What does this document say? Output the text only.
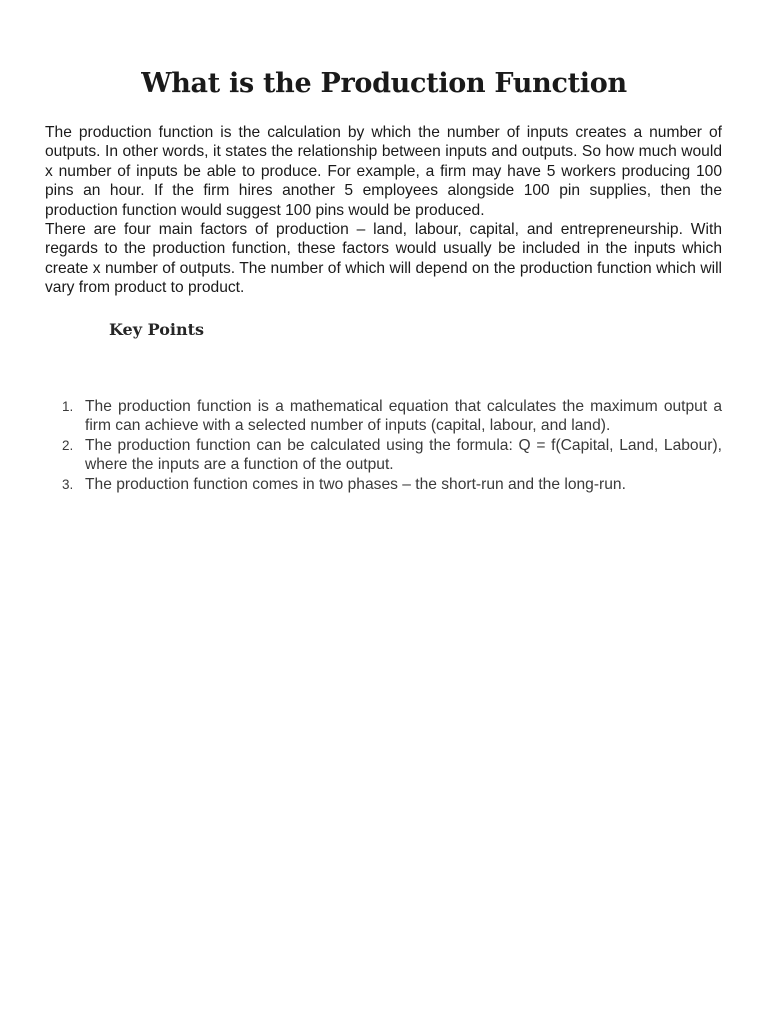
What is the Production Function

The production function is the calculation by which the number of inputs creates a number of outputs. In other words, it states the relationship between inputs and outputs. So how much would x number of inputs be able to produce. For example, a firm may have 5 workers producing 100 pins an hour. If the firm hires another 5 employees alongside 100 pin supplies, then the production function would suggest 100 pins would be produced.

There are four main factors of production – land, labour, capital, and entrepreneurship. With regards to the production function, these factors would usually be included in the inputs which create x number of outputs. The number of which will depend on the production function which will vary from product to product.

Key Points
1. The production function is a mathematical equation that calculates the maximum output a firm can achieve with a selected number of inputs (capital, labour, and land).
2. The production function can be calculated using the formula: Q = f(Capital, Land, Labour), where the inputs are a function of the output.
3. The production function comes in two phases – the short-run and the long-run.
